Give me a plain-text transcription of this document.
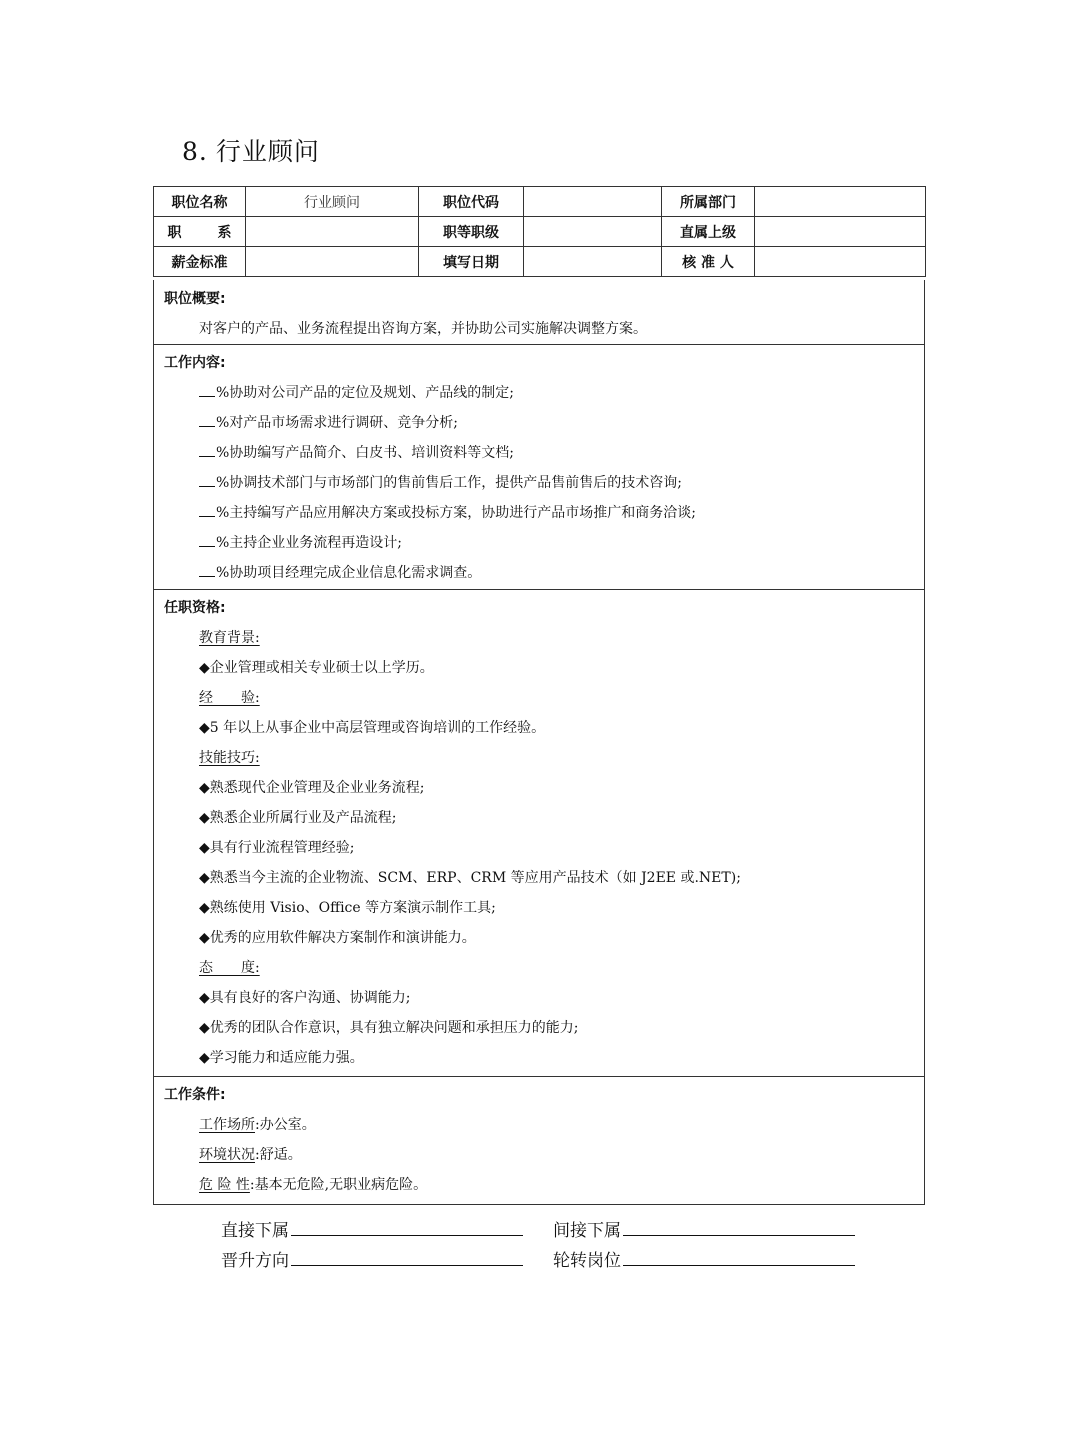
8. 行业顾问
职位名称	行业顾问	职位代码		所属部门	
职 系		职等职级		直属上级	
薪金标准		填写日期		核 准 人	
职位概要:
对客户的产品、业务流程提出咨询方案，并协助公司实施解决调整方案。
工作内容:
%协助对公司产品的定位及规划、产品线的制定;
%对产品市场需求进行调研、竞争分析;
%协助编写产品简介、白皮书、培训资料等文档;
%协调技术部门与市场部门的售前售后工作，提供产品售前售后的技术咨询;
%主持编写产品应用解决方案或投标方案，协助进行产品市场推广和商务洽谈;
%主持企业业务流程再造设计;
%协助项目经理完成企业信息化需求调查。
任职资格:
教育背景:
◆企业管理或相关专业硕士以上学历。
经　　验:
◆5 年以上从事企业中高层管理或咨询培训的工作经验。
技能技巧:
◆熟悉现代企业管理及企业业务流程;
◆熟悉企业所属行业及产品流程;
◆具有行业流程管理经验;
◆熟悉当今主流的企业物流、SCM、ERP、CRM 等应用产品技术（如 J2EE 或.NET);
◆熟练使用 Visio、Office 等方案演示制作工具;
◆优秀的应用软件解决方案制作和演讲能力。
态　　度:
◆具有良好的客户沟通、协调能力;
◆优秀的团队合作意识，具有独立解决问题和承担压力的能力;
◆学习能力和适应能力强。
工作条件:
工作场所:办公室。
环境状况:舒适。
危 险 性:基本无危险,无职业病危险。
直接下属	间接下属
晋升方向	轮转岗位
